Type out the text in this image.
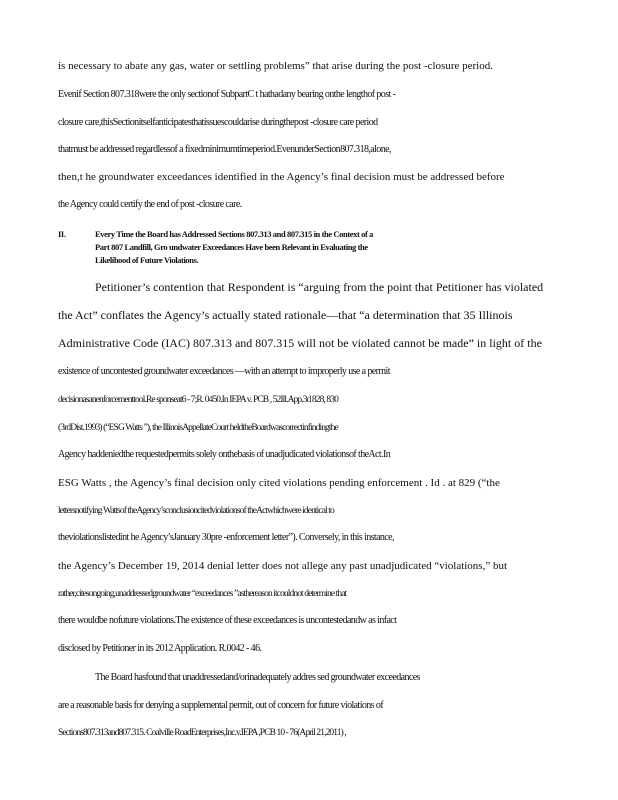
is necessary to abate any gas, water or settling problems” that arise during the post -closure period.
Evenif Section 807.318were the only sectionof SubpartC t hathadany bearing onthe lengthof post -
closure care,thisSectionitselfanticipatesthatissuescouldarise duringthepost -closure care period
thatmust be addressed regardlessof a fixedminimumtimeperiod.EvenunderSection807.318,alone,
then,t he groundwater exceedances identified in the Agency’s final decision must be addressed before
the Agency could certify the end of post -closure care.
II.	Every Time the Board has Addressed Sections 807.313 and 807.315 in the Context of a
Part 807 Landfill, Gro undwater Exceedances Have been Relevant in Evaluating the
Likelihood of Future Violations.
Petitioner’s contention that Respondent is “arguing from the point that Petitioner has violated
the Act” conflates the Agency’s actually stated rationale—that “a determination that 35 Illinois
Administrative Code (IAC) 807.313 and 807.315 will not be violated cannot be made” in light of the
existence of uncontested groundwater exceedances —with an attempt to improperly use a permit
decisionasanenforcementtool.Re sponseat6 - 7;R. 0450.In IEPA v. PCB , 52Ill.App.3d 828, 830
(3rdDist.1993) (“ESG Watts ”), the IllinoisAppellateCourt heldtheBoardwascorrectinfindingthe
Agency haddeniedthe requestedpermits solely onthebasis of unadjudicated violationsof theAct.In
ESG Watts , the Agency’s final decision only cited violations pending enforcement . Id . at 829 (“the
lettersnotifying Wattsof theAgency’sconclusioncitedviolationsof theActwhichwere identical to
theviolationslistedint he Agency’sJanuary 30pre -enforcement letter”). Conversely, in this instance,
the Agency’s December 19, 2014 denial letter does not allege any past unadjudicated “violations,” but
rather,citesongoing,unaddressedgroundwater “exceedances ”asthereason itcouldnot determine that
there wouldbe nofuture violations.The existence of these exceedances is uncontestedandw as infact
disclosed by Petitioner in its 2012 Application. R.0042 - 46.
The Board hasfound that unaddressedand/orinadequately addres sed groundwater exceedances
are a reasonable basis for denying a supplemental permit, out of concern for future violations of
Sections807.313and807.315. Coalville RoadEnterprises,Inc.v.IEPA ,PCB 10 - 76(April 21,2011) ,
